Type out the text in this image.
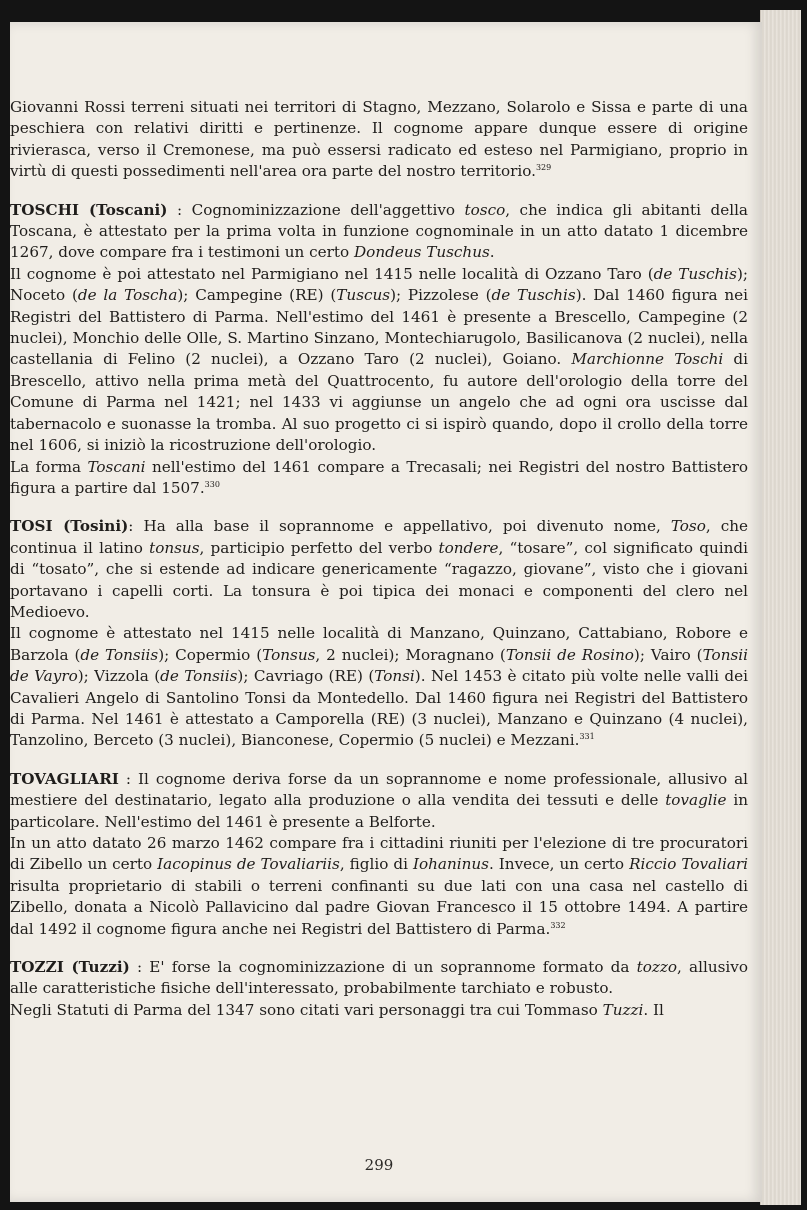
Giovanni Rossi terreni situati nei territori di Stagno, Mezzano, Solarolo e Sissa e parte di una peschiera con relativi diritti e pertinenze. Il cognome appare dunque essere di origine rivierasca, verso il Cremonese, ma può essersi radicato ed esteso nel Parmigiano, proprio in virtù di questi possedimenti nell'area ora parte del nostro territorio.$^{329}$

TOSCHI (Toscani) : Cognominizzazione dell'aggettivo tosco, che indica gli abitanti della Toscana, è attestato per la prima volta in funzione cognominale in un atto datato 1 dicembre 1267, dove compare fra i testimoni un certo Dondeus Tuschus.

Il cognome è poi attestato nel Parmigiano nel 1415 nelle località di Ozzano Taro (de Tuschis); Noceto (de la Toscha); Campegine (RE) (Tuscus); Pizzolese (de Tuschis). Dal 1460 figura nei Registri del Battistero di Parma. Nell'estimo del 1461 è presente a Brescello, Campegine (2 nuclei), Monchio delle Olle, S. Martino Sinzano, Montechiarugolo, Basilicanova (2 nuclei), nella castellania di Felino (2 nuclei), a Ozzano Taro (2 nuclei), Goiano. Marchionne Toschi di Brescello, attivo nella prima metà del Quattrocento, fu autore dell'orologio della torre del Comune di Parma nel 1421; nel 1433 vi aggiunse un angelo che ad ogni ora uscisse dal tabernacolo e suonasse la tromba. Al suo progetto ci si ispirò quando, dopo il crollo della torre nel 1606, si iniziò la ricostruzione dell'orologio.

La forma Toscani nell'estimo del 1461 compare a Trecasali; nei Registri del nostro Battistero figura a partire dal 1507.$^{330}$

TOSI (Tosini): Ha alla base il soprannome e appellativo, poi divenuto nome, Toso, che continua il latino tonsus, participio perfetto del verbo tondere, “tosare”, col significato quindi di “tosato”, che si estende ad indicare genericamente “ragazzo, giovane”, visto che i giovani portavano i capelli corti. La tonsura è poi tipica dei monaci e componenti del clero nel Medioevo.

Il cognome è attestato nel 1415 nelle località di Manzano, Quinzano, Cattabiano, Robore e Barzola (de Tonsiis); Copermio (Tonsus, 2 nuclei); Moragnano (Tonsii de Rosino); Vairo (Tonsii de Vayro); Vizzola (de Tonsiis); Cavriago (RE) (Tonsi). Nel 1453 è citato più volte nelle valli dei Cavalieri Angelo di Santolino Tonsi da Montedello. Dal 1460 figura nei Registri del Battistero di Parma. Nel 1461 è attestato a Camporella (RE) (3 nuclei), Manzano e Quinzano (4 nuclei), Tanzolino, Berceto (3 nuclei), Bianconese, Copermio (5 nuclei) e Mezzani.$^{331}$

TOVAGLIARI : Il cognome deriva forse da un soprannome e nome professionale, allusivo al mestiere del destinatario, legato alla produzione o alla vendita dei tessuti e delle tovaglie in particolare. Nell'estimo del 1461 è presente a Belforte.

In un atto datato 26 marzo 1462 compare fra i cittadini riuniti per l'elezione di tre procuratori di Zibello un certo Iacopinus de Tovaliariis, figlio di Iohaninus. Invece, un certo Riccio Tovaliari risulta proprietario di stabili o terreni confinanti su due lati con una casa nel castello di Zibello, donata a Nicolò Pallavicino dal padre Giovan Francesco il 15 ottobre 1494. A partire dal 1492 il cognome figura anche nei Registri del Battistero di Parma.$^{332}$

TOZZI (Tuzzi) : E' forse la cognominizzazione di un soprannome formato da tozzo, allusivo alle caratteristiche fisiche dell'interessato, probabilmente tarchiato e robusto.

Negli Statuti di Parma del 1347 sono citati vari personaggi tra cui Tommaso Tuzzi. Il

299
